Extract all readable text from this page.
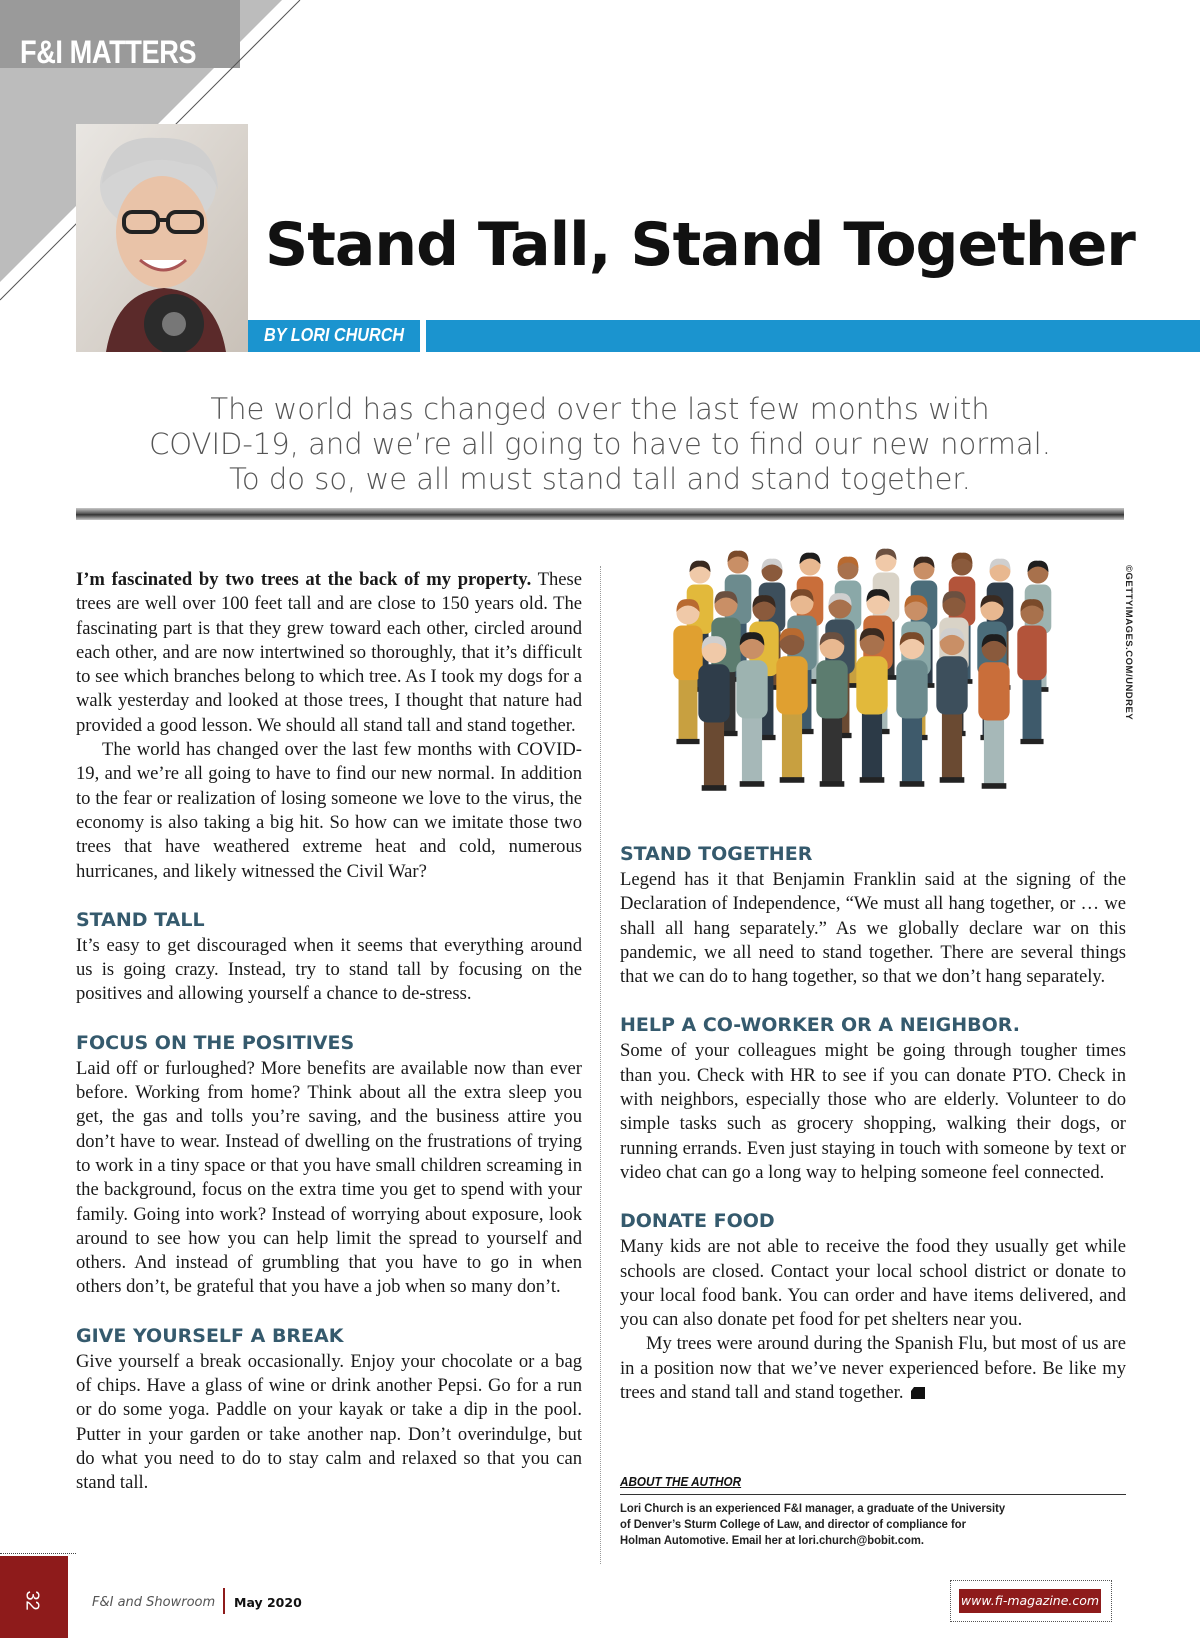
F&I MATTERS
Stand Tall, Stand Together
BY LORI CHURCH
The world has changed over the last few months with
COVID-19, and we’re all going to have to find our new normal.
To do so, we all must stand tall and stand together.

I’m fascinated by two trees at the back of my property. These trees are well over 100 feet tall and are close to 150 years old. The fascinating part is that they grew toward each other, circled around each other, and are now intertwined so thoroughly, that it’s difficult to see which branches belong to which tree. As I took my dogs for a walk yesterday and looked at those trees, I thought that nature had provided a good lesson. We should all stand tall and stand together.

The world has changed over the last few months with COVID-19, and we’re all going to have to find our new normal. In addition to the fear or realization of losing someone we love to the virus, the economy is also taking a big hit. So how can we imitate those two trees that have weathered extreme heat and cold, numerous hurricanes, and likely witnessed the Civil War?

STAND TALL

It’s easy to get discouraged when it seems that everything around us is going crazy. Instead, try to stand tall by focusing on the positives and allowing yourself a chance to de-stress.

FOCUS ON THE POSITIVES

Laid off or furloughed? More benefits are available now than ever before. Working from home? Think about all the extra sleep you get, the gas and tolls you’re saving, and the business attire you don’t have to wear. Instead of dwelling on the frustrations of trying to work in a tiny space or that you have small children screaming in the background, focus on the extra time you get to spend with your family. Going into work? Instead of worrying about exposure, look around to see how you can help limit the spread to yourself and others. And instead of grumbling that you have to go in when others don’t, be grateful that you have a job when so many don’t.

GIVE YOURSELF A BREAK

Give yourself a break occasionally. Enjoy your chocolate or a bag of chips. Have a glass of wine or drink another Pepsi. Go for a run or do some yoga. Paddle on your kayak or take a dip in the pool. Putter in your garden or take another nap. Don’t overindulge, but do what you need to do to stay calm and relaxed so that you can stand tall.

©GETTYIMAGES.COM/UNDREY
STAND TOGETHER

Legend has it that Benjamin Franklin said at the signing of the Declaration of Independence, “We must all hang together, or … we shall all hang separately.” As we globally declare war on this pandemic, we all need to stand together. There are several things that we can do to hang together, so that we don’t hang separately.

HELP A CO-WORKER OR A NEIGHBOR.

Some of your colleagues might be going through tougher times than you. Check with HR to see if you can donate PTO. Check in with neighbors, especially those who are elderly. Volunteer to do simple tasks such as grocery shopping, walking their dogs, or running errands. Even just staying in touch with someone by text or video chat can go a long way to helping someone feel connected.

DONATE FOOD

Many kids are not able to receive the food they usually get while schools are closed. Contact your local school district or donate to your local food bank. You can order and have items delivered, and you can also donate pet food for pet shelters near you.

My trees were around during the Spanish Flu, but most of us are in a position now that we’ve never experienced before. Be like my trees and stand tall and stand together.

ABOUT THE AUTHOR
Lori Church is an experienced F&I manager, a graduate of the University
of Denver’s Sturm College of Law, and director of compliance for
Holman Automotive. Email her at lori.church@bobit.com.
32	F&I and Showroom May 2020	www.fi-magazine.com
